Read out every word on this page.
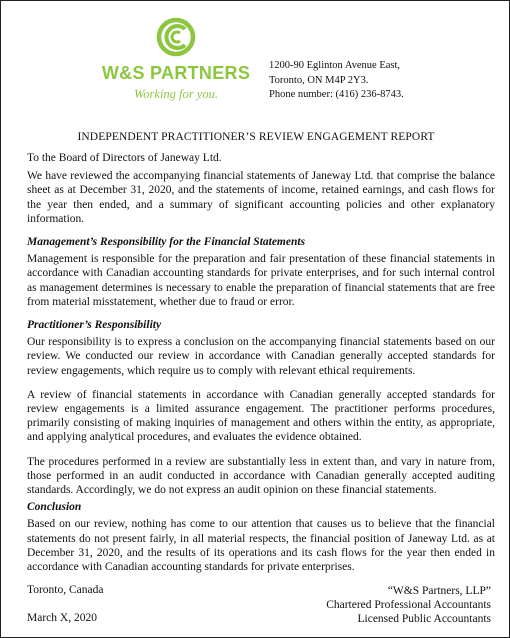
W&S PARTNERS
Working for you.
1200-90 Eglinton Avenue East,
Toronto, ON M4P 2Y3.
Phone number: (416) 236-8743.
INDEPENDENT PRACTITIONER’S REVIEW ENGAGEMENT REPORT

To the Board of Directors of Janeway Ltd.

We have reviewed the accompanying financial statements of Janeway Ltd. that comprise the balance sheet as at December 31, 2020, and the statements of income, retained earnings, and cash flows for the year then ended, and a summary of significant accounting policies and other explanatory information.

Management’s Responsibility for the Financial Statements

Management is responsible for the preparation and fair presentation of these financial statements in accordance with Canadian accounting standards for private enterprises, and for such internal control as management determines is necessary to enable the preparation of financial statements that are free from material misstatement, whether due to fraud or error.

Practitioner’s Responsibility

Our responsibility is to express a conclusion on the accompanying financial statements based on our review. We conducted our review in accordance with Canadian generally accepted standards for review engagements, which require us to comply with relevant ethical requirements.

A review of financial statements in accordance with Canadian generally accepted standards for review engagements is a limited assurance engagement. The practitioner performs procedures, primarily consisting of making inquiries of management and others within the entity, as appropriate, and applying analytical procedures, and evaluates the evidence obtained.

The procedures performed in a review are substantially less in extent than, and vary in nature from, those performed in an audit conducted in accordance with Canadian generally accepted auditing standards. Accordingly, we do not express an audit opinion on these financial statements.

Conclusion

Based on our review, nothing has come to our attention that causes us to believe that the financial statements do not present fairly, in all material respects, the financial position of Janeway Ltd. as at December 31, 2020, and the results of its operations and its cash flows for the year then ended in accordance with Canadian accounting standards for private enterprises.

Toronto, Canada
March X, 2020
“W&S Partners, LLP”
Chartered Professional Accountants
Licensed Public Accountants
